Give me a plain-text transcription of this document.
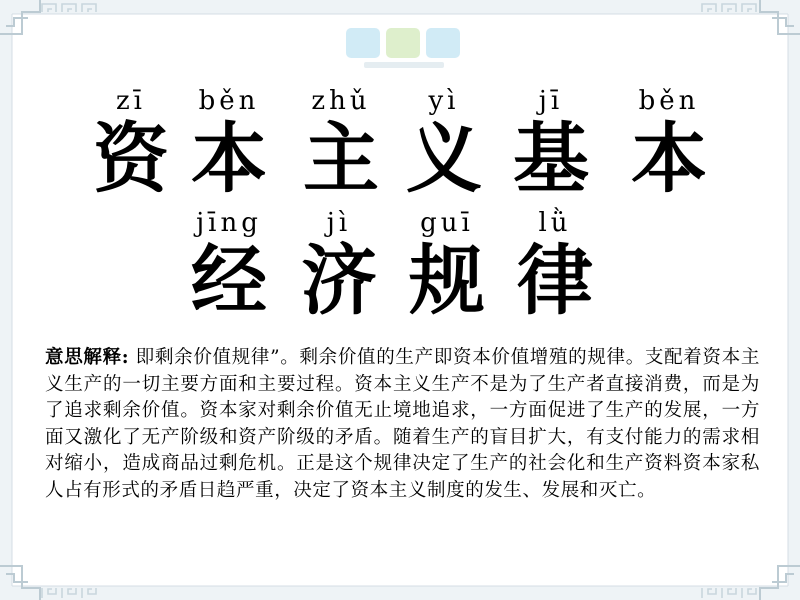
zī
资
běn
本
zhǔ
主
yì
义
jī
基
běn
本
jīng
经
jì
济
guī
规
lǜ
律
意思解释: 即剩余价值规律”。剩余价值的生产即资本价值增殖的规律。支配着资本主义生产的一切主要方面和主要过程。资本主义生产不是为了生产者直接消费，而是为了追求剩余价值。资本家对剩余价值无止境地追求，一方面促进了生产的发展，一方面又激化了无产阶级和资产阶级的矛盾。随着生产的盲目扩大，有支付能力的需求相对缩小，造成商品过剩危机。正是这个规律决定了生产的社会化和生产资料资本家私人占有形式的矛盾日趋严重，决定了资本主义制度的发生、发展和灭亡。
